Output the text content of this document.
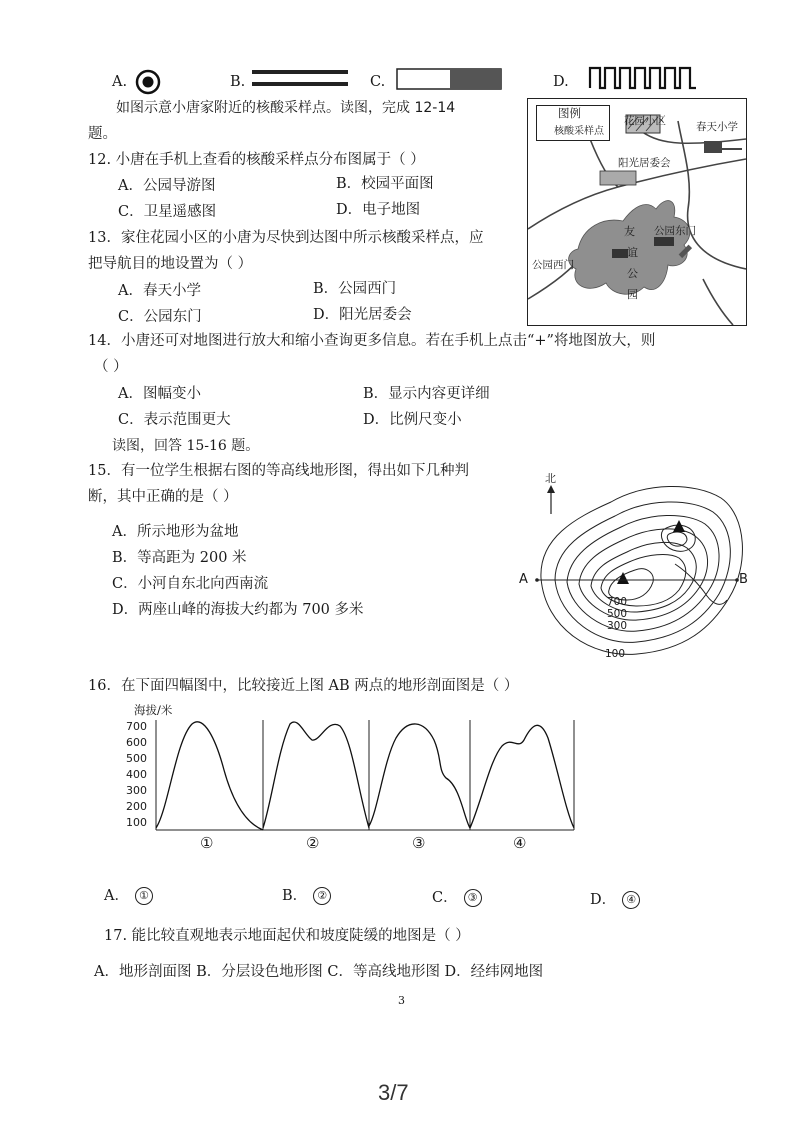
A.	B.	C.	D.
如图示意小唐家附近的核酸采样点。读图，完成 12-14
题。
12. 小唐在手机上查看的核酸采样点分布图属于（ ）
A．公园导游图	B．校园平面图
C．卫星遥感图	D．电子地图
13．家住花园小区的小唐为尽快到达图中所示核酸采样点，应
把导航目的地设置为（ ）
A．春天小学	B．公园西门
C．公园东门	D．阳光居委会
图例
核酸采样点
花园小区	春天小学
阳光居委会
友
谊
公
园
公园东门
公园西门
14．小唐还可对地图进行放大和缩小查询更多信息。若在手机上点击“+”将地图放大，则
（ ）
A．图幅变小	B．显示内容更详细
C．表示范围更大	D．比例尺变小
读图，回答 15-16 题。
15．有一位学生根据右图的等高线地形图，得出如下几种判
断，其中正确的是（ ）
A．所示地形为盆地
B．等高距为 200 米
C．小河自东北向西南流
D．两座山峰的海拔大约都为 700 多米
北
A	B
700
500
300
100
16．在下面四幅图中，比较接近上图 AB 两点的地形剖面图是（ ）
海拔/米
700
600
500
400
300
200
100
①	②	③	④
A． ①	B． ②	C． ③	D． ④
17. 能比较直观地表示地面起伏和坡度陡缓的地图是（ ）
A．地形剖面图 B．分层设色地形图 C．等高线地形图 D．经纬网地图
3
3/7
